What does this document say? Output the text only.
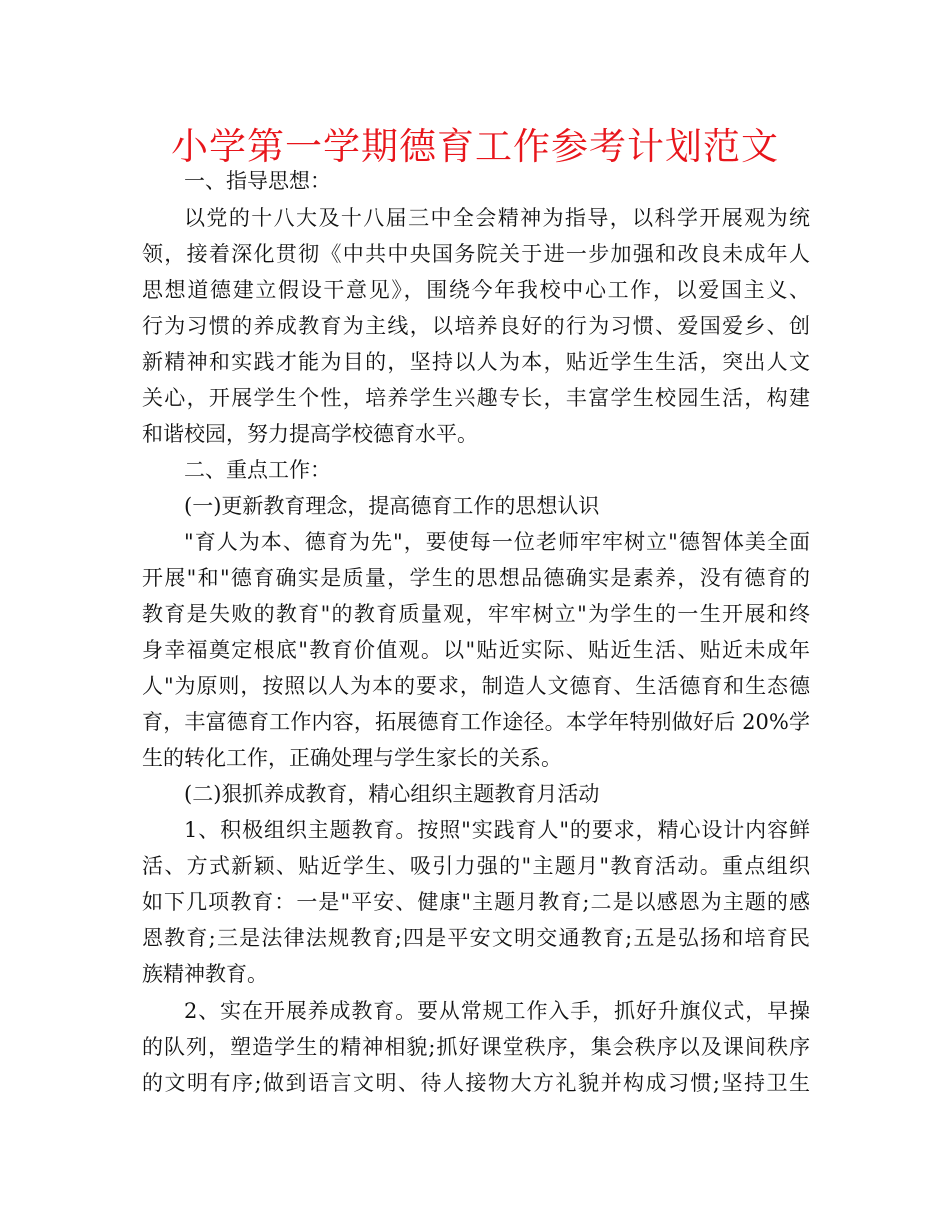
小学第一学期德育工作参考计划范文

一、指导思想：

以党的十八大及十八届三中全会精神为指导，以科学开展观为统

领，接着深化贯彻《中共中央国务院关于进一步加强和改良未成年人

思想道德建立假设干意见》，围绕今年我校中心工作，以爱国主义、

行为习惯的养成教育为主线，以培养良好的行为习惯、爱国爱乡、创

新精神和实践才能为目的，坚持以人为本，贴近学生生活，突出人文

关心，开展学生个性，培养学生兴趣专长，丰富学生校园生活，构建

和谐校园，努力提高学校德育水平。

二、重点工作：

(一)更新教育理念，提高德育工作的思想认识

"育人为本、德育为先"，要使每一位老师牢牢树立"德智体美全面

开展"和"德育确实是质量，学生的思想品德确实是素养，没有德育的

教育是失败的教育"的教育质量观，牢牢树立"为学生的一生开展和终

身幸福奠定根底"教育价值观。以"贴近实际、贴近生活、贴近未成年

人"为原则，按照以人为本的要求，制造人文德育、生活德育和生态德

育，丰富德育工作内容，拓展德育工作途径。本学年特别做好后 20%学

生的转化工作，正确处理与学生家长的关系。

(二)狠抓养成教育，精心组织主题教育月活动

1、积极组织主题教育。按照"实践育人"的要求，精心设计内容鲜

活、方式新颖、贴近学生、吸引力强的"主题月"教育活动。重点组织

如下几项教育：一是"平安、健康"主题月教育;二是以感恩为主题的感

恩教育;三是法律法规教育;四是平安文明交通教育;五是弘扬和培育民

族精神教育。

2、实在开展养成教育。要从常规工作入手，抓好升旗仪式，早操

的队列，塑造学生的精神相貌;抓好课堂秩序，集会秩序以及课间秩序

的文明有序;做到语言文明、待人接物大方礼貌并构成习惯;坚持卫生
